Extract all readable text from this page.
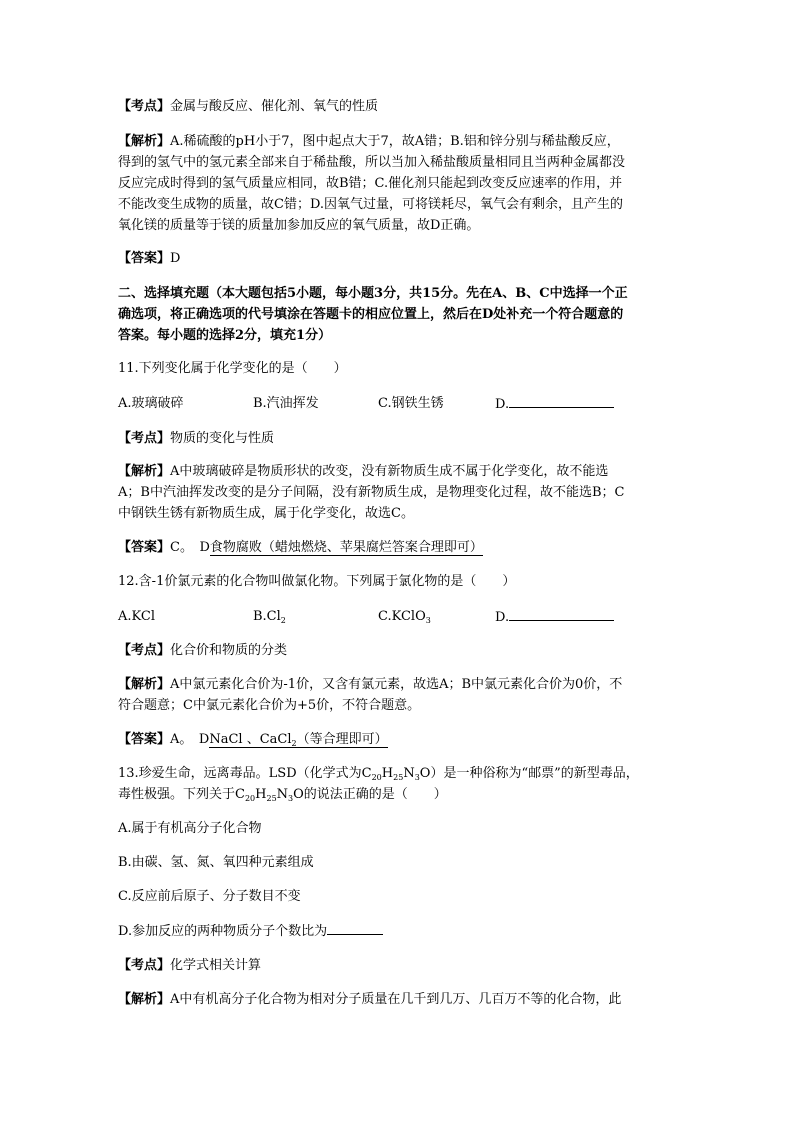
【考点】金属与酸反应、催化剂、氧气的性质
【解析】A.稀硫酸的pH小于7，图中起点大于7，故A错；B.铝和锌分别与稀盐酸反应，
得到的氢气中的氢元素全部来自于稀盐酸，所以当加入稀盐酸质量相同且当两种金属都没
反应完成时得到的氢气质量应相同，故B错；C.催化剂只能起到改变反应速率的作用，并
不能改变生成物的质量，故C错；D.因氧气过量，可将镁耗尽，氧气会有剩余，且产生的
氧化镁的质量等于镁的质量加参加反应的氧气质量，故D正确。
【答案】D
二、选择填充题（本大题包括5小题，每小题3分，共15分。先在A、B、C中选择一个正
确选项，将正确选项的代号填涂在答题卡的相应位置上，然后在D处补充一个符合题意的
答案。每小题的选择2分，填充1分）
11.下列变化属于化学变化的是（　　）
A.玻璃破碎	B.汽油挥发	C.钢铁生锈	D.
【考点】物质的变化与性质
【解析】A中玻璃破碎是物质形状的改变，没有新物质生成不属于化学变化，故不能选
A；B中汽油挥发改变的是分子间隔，没有新物质生成，是物理变化过程，故不能选B；C
中钢铁生锈有新物质生成，属于化学变化，故选C。
【答案】C。　D食物腐败（蜡烛燃烧、苹果腐烂答案合理即可）
12.含-1价氯元素的化合物叫做氯化物。下列属于氯化物的是（　　）
A.KCl	$B.Cl_2$	C.KClO$_3$	D.
【考点】化合价和物质的分类
【解析】A中氯元素化合价为-1价，又含有氯元素，故选A；B中氯元素化合价为0价，不
符合题意；C中氯元素化合价为+5价，不符合题意。
【答案】A。　DNaCl 、CaCl$_2$（等合理即可）
13.珍爱生命，远离毒品。LSD（化学式为$C_{20}H_{25}N_3O$）是一种俗称为“邮票”的新型毒品，
毒性极强。下列关于$C_{20}H_{25}N_3O$的说法正确的是（　　）
A.属于有机高分子化合物
B.由碳、氢、氮、氧四种元素组成
C.反应前后原子、分子数目不变
D.参加反应的两种物质分子个数比为
【考点】化学式相关计算
【解析】A中有机高分子化合物为相对分子质量在几千到几万、几百万不等的化合物，此
